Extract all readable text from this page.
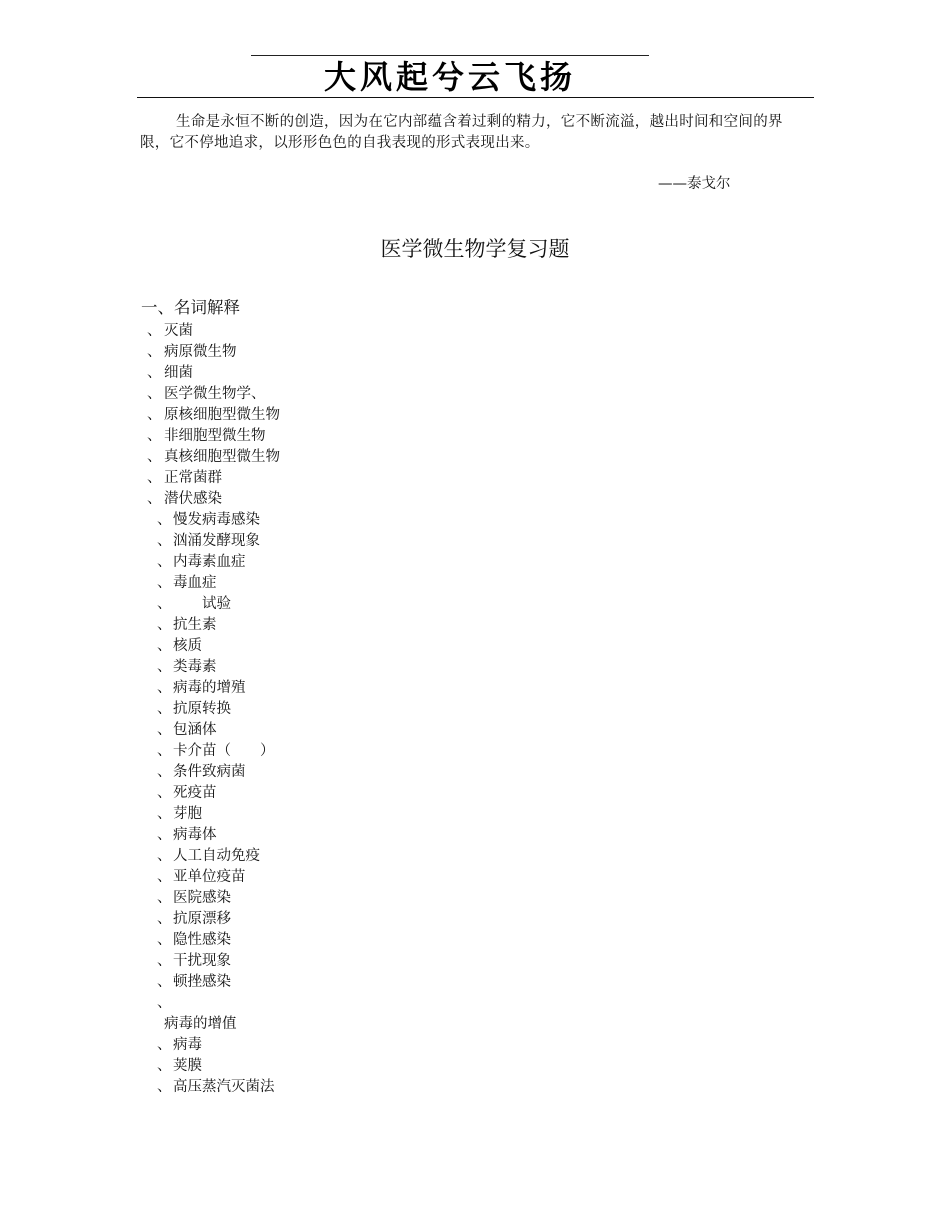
大风起兮云飞扬
生命是永恒不断的创造，因为在它内部蕴含着过剩的精力，它不断流溢，越出时间和空间的界限，它不停地追求，以形形色色的自我表现的形式表现出来。
——泰戈尔
医学微生物学复习题
一、名词解释
、 灭菌
、 病原微生物
、 细菌
、 医学微生物学、
、 原核细胞型微生物
、 非细胞型微生物
、 真核细胞型微生物
、 正常菌群
、 潜伏感染
、 慢发病毒感染
、 汹涌发酵现象
、 内毒素血症
、 毒血症
、 试验
、 抗生素
、 核质
、 类毒素
、 病毒的增殖
、 抗原转换
、 包涵体
、 卡介苗（　　）
、 条件致病菌
、 死疫苗
、 芽胞
、 病毒体
、 人工自动免疫
、 亚单位疫苗
、 医院感染
、 抗原漂移
、 隐性感染
、 干扰现象
、 顿挫感染
、
病毒的增值
、 病毒
、 荚膜
、 高压蒸汽灭菌法
